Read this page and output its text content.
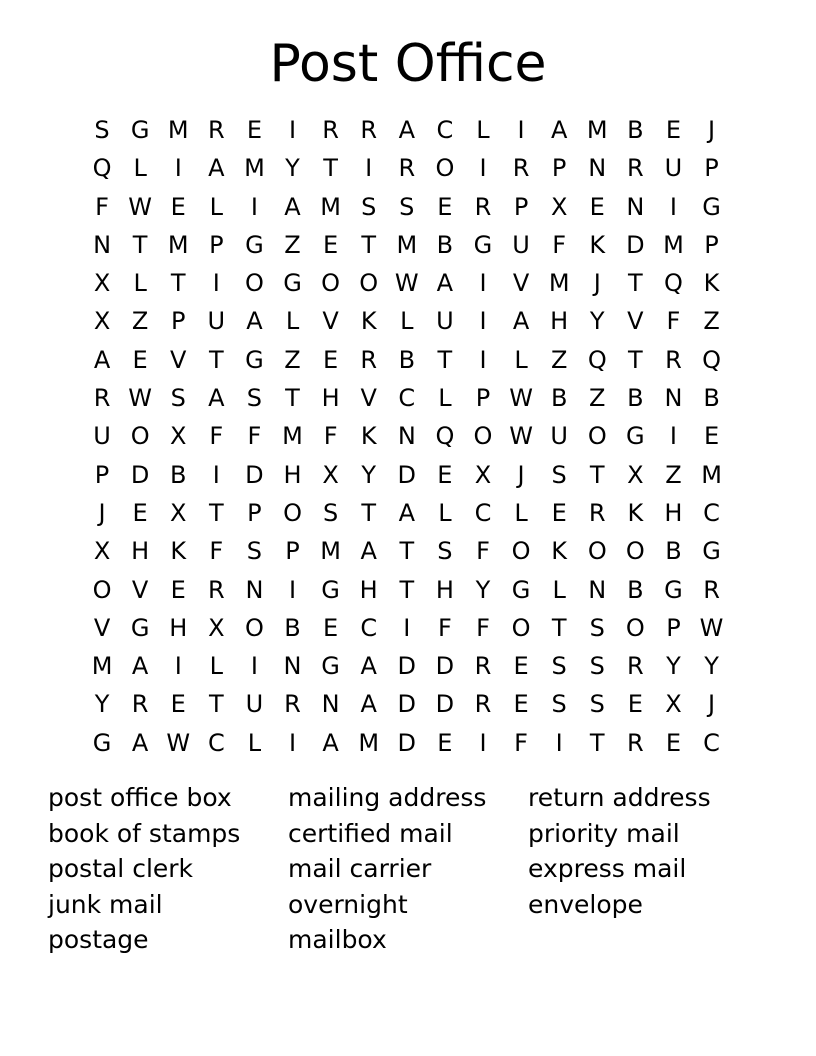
Post Office
S G M R E	I	R R A C L	I	A M B E	J
Q L	I	A M Y T	I	R O	I	R P N R U P
F W E L	I	A M S S E R P X E N	I	G
N T M P G Z E T M B G U F K D M P
X L	T	I	O G O O W A	I	V M	J	T Q K
X Z P U A L V K L U	I	A H Y V F Z
A E V T G Z E R B T	I	L Z Q T R Q
R W S A S T H V C L	P W B Z B N B
U O X F	F M F K N Q O W U O G	I	E
P D B	I	D H X Y D E X	J	S T X Z M
J	E X T P O S T A L C L E R K H C
X H K F S P M A T S F O K O O B G
O V E R N	I	G H T H Y G L N B G R
V G H X O B E C	I	F	F O T S O P W
M A	I	L	I	N G A D D R E S S R Y Y
Y R E T U R N A D D R E S S E X	J
G A W C L	I	A M D E	I	F	I	T R E C
post office box
book of stamps
postal clerk
junk mail
postage
mailing address
certified mail
mail carrier
overnight
mailbox
return address
priority mail
express mail
envelope
